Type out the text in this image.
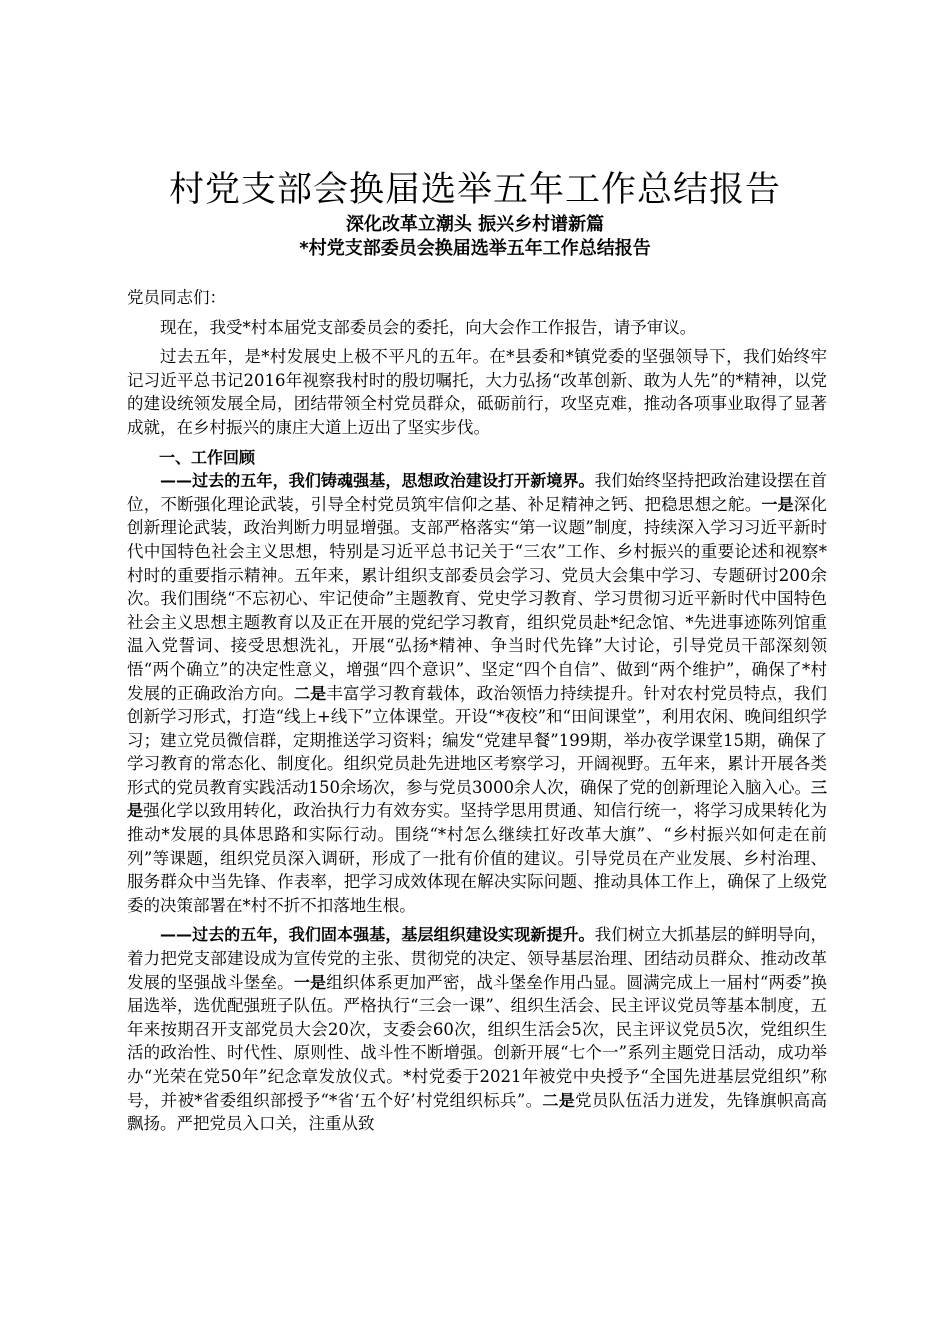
村党支部会换届选举五年工作总结报告
深化改革立潮头 振兴乡村谱新篇
*村党支部委员会换届选举五年工作总结报告

党员同志们：

现在，我受*村本届党支部委员会的委托，向大会作工作报告，请予审议。

过去五年，是*村发展史上极不平凡的五年。在*县委和*镇党委的坚强领导下，我们始终牢记习近平总书记2016年视察我村时的殷切嘱托，大力弘扬“改革创新、敢为人先”的*精神，以党的建设统领发展全局，团结带领全村党员群众，砥砺前行，攻坚克难，推动各项事业取得了显著成就，在乡村振兴的康庄大道上迈出了坚实步伐。

一、工作回顾

——过去的五年，我们铸魂强基，思想政治建设打开新境界。我们始终坚持把政治建设摆在首位，不断强化理论武装，引导全村党员筑牢信仰之基、补足精神之钙、把稳思想之舵。一是深化创新理论武装，政治判断力明显增强。支部严格落实“第一议题”制度，持续深入学习习近平新时代中国特色社会主义思想，特别是习近平总书记关于“三农”工作、乡村振兴的重要论述和视察*村时的重要指示精神。五年来，累计组织支部委员会学习、党员大会集中学习、专题研讨200余次。我们围绕“不忘初心、牢记使命”主题教育、党史学习教育、学习贯彻习近平新时代中国特色社会主义思想主题教育以及正在开展的党纪学习教育，组织党员赴*纪念馆、*先进事迹陈列馆重温入党誓词、接受思想洗礼，开展“弘扬*精神、争当时代先锋”大讨论，引导党员干部深刻领悟“两个确立”的决定性意义，增强“四个意识”、坚定“四个自信”、做到“两个维护”，确保了*村发展的正确政治方向。二是丰富学习教育载体，政治领悟力持续提升。针对农村党员特点，我们创新学习形式，打造“线上+线下”立体课堂。开设“*夜校”和“田间课堂”，利用农闲、晚间组织学习；建立党员微信群，定期推送学习资料；编发“党建早餐”199期，举办夜学课堂15期，确保了学习教育的常态化、制度化。组织党员赴先进地区考察学习，开阔视野。五年来，累计开展各类形式的党员教育实践活动150余场次，参与党员3000余人次，确保了党的创新理论入脑入心。三是强化学以致用转化，政治执行力有效夯实。坚持学思用贯通、知信行统一，将学习成果转化为推动*发展的具体思路和实际行动。围绕“*村怎么继续扛好改革大旗”、“乡村振兴如何走在前列”等课题，组织党员深入调研，形成了一批有价值的建议。引导党员在产业发展、乡村治理、服务群众中当先锋、作表率，把学习成效体现在解决实际问题、推动具体工作上，确保了上级党委的决策部署在*村不折不扣落地生根。

——过去的五年，我们固本强基，基层组织建设实现新提升。我们树立大抓基层的鲜明导向，着力把党支部建设成为宣传党的主张、贯彻党的决定、领导基层治理、团结动员群众、推动改革发展的坚强战斗堡垒。一是组织体系更加严密，战斗堡垒作用凸显。圆满完成上一届村“两委”换届选举，选优配强班子队伍。严格执行“三会一课”、组织生活会、民主评议党员等基本制度，五年来按期召开支部党员大会20次，支委会60次，组织生活会5次，民主评议党员5次，党组织生活的政治性、时代性、原则性、战斗性不断增强。创新开展“七个一”系列主题党日活动，成功举办“光荣在党50年”纪念章发放仪式。*村党委于2021年被党中央授予“全国先进基层党组织”称号，并被*省委组织部授予“*省‘五个好’村党组织标兵”。二是党员队伍活力迸发，先锋旗帜高高飘扬。严把党员入口关，注重从致
